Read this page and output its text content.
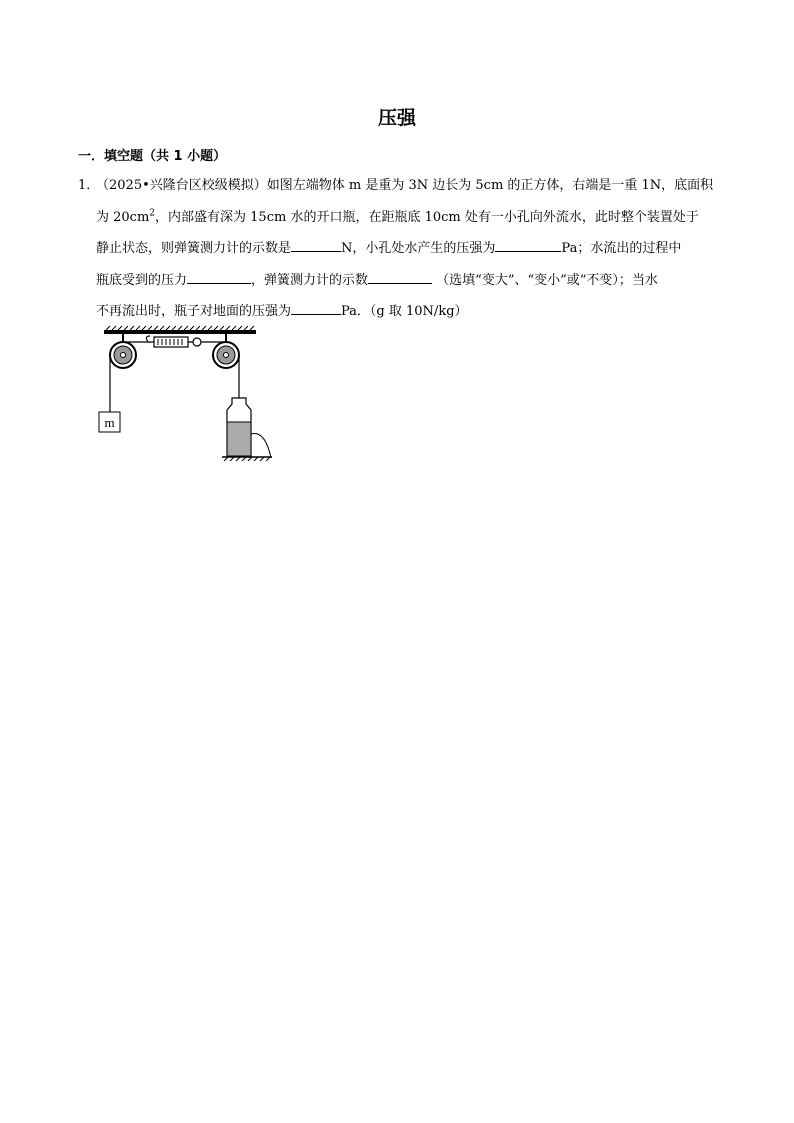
压强
一．填空题（共 1 小题）
1．
（2025•兴隆台区校级模拟）如图左端物体 m 是重为 3N 边长为 5cm 的正方体，右端是一重 1N，底面积
为 $20cm^2$，内部盛有深为 15cm 水的开口瓶，在距瓶底 10cm 处有一小孔向外流水，此时整个装置处于
静止状态，则弹簧测力计的示数是	N，小孔处水产生的压强为	Pa；水流出的过程中
瓶底受到的压力	，弹簧测力计的示数	（选填“变大”、“变小”或“不变）；当水
不再流出时，瓶子对地面的压强为	Pa．（g 取 10N/kg）
m
